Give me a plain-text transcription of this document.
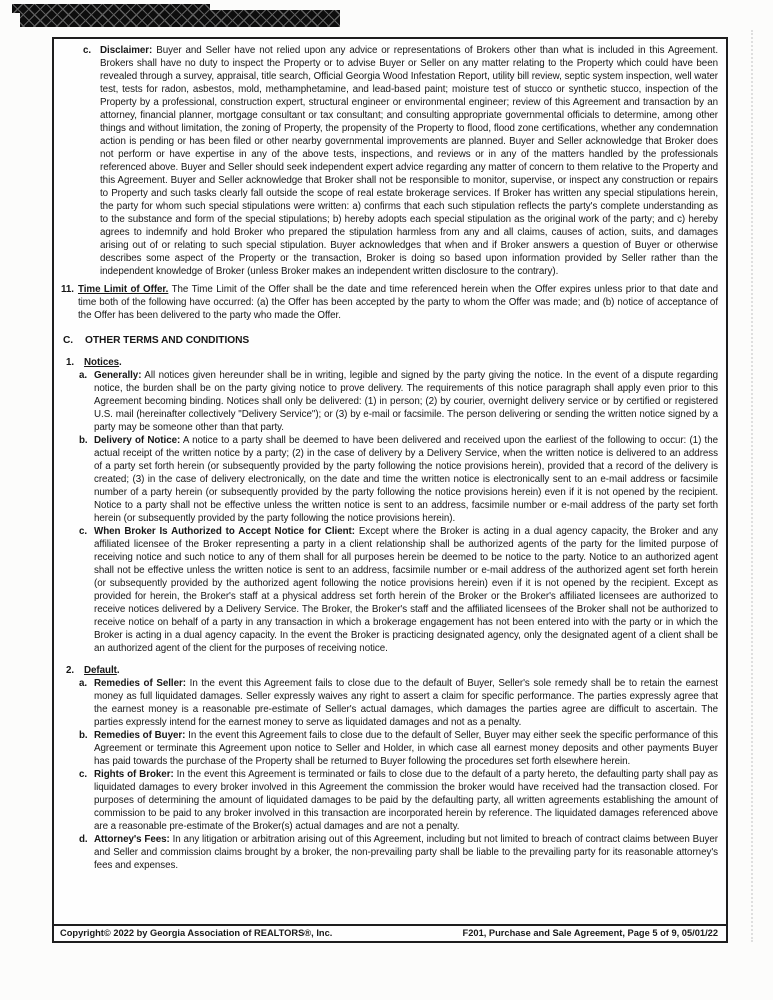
c. Disclaimer: Buyer and Seller have not relied upon any advice or representations of Brokers other than what is included in this Agreement. Brokers shall have no duty to inspect the Property or to advise Buyer or Seller on any matter relating to the Property which could have been revealed through a survey, appraisal, title search, Official Georgia Wood Infestation Report, utility bill review, septic system inspection, well water test, tests for radon, asbestos, mold, methamphetamine, and lead-based paint; moisture test of stucco or synthetic stucco, inspection of the Property by a professional, construction expert, structural engineer or environmental engineer; review of this Agreement and transaction by an attorney, financial planner, mortgage consultant or tax consultant; and consulting appropriate governmental officials to determine, among other things and without limitation, the zoning of Property, the propensity of the Property to flood, flood zone certifications, whether any condemnation action is pending or has been filed or other nearby governmental improvements are planned. Buyer and Seller acknowledge that Broker does not perform or have expertise in any of the above tests, inspections, and reviews or in any of the matters handled by the professionals referenced above. Buyer and Seller should seek independent expert advice regarding any matter of concern to them relative to the Property and this Agreement. Buyer and Seller acknowledge that Broker shall not be responsible to monitor, supervise, or inspect any construction or repairs to Property and such tasks clearly fall outside the scope of real estate brokerage services. If Broker has written any special stipulations herein, the party for whom such special stipulations were written: a) confirms that each such stipulation reflects the party's complete understanding as to the substance and form of the special stipulations; b) hereby adopts each special stipulation as the original work of the party; and c) hereby agrees to indemnify and hold Broker who prepared the stipulation harmless from any and all claims, causes of action, suits, and damages arising out of or relating to such special stipulation. Buyer acknowledges that when and if Broker answers a question of Buyer or otherwise describes some aspect of the Property or the transaction, Broker is doing so based upon information provided by Seller rather than the independent knowledge of Broker (unless Broker makes an independent written disclosure to the contrary).
11. Time Limit of Offer. The Time Limit of the Offer shall be the date and time referenced herein when the Offer expires unless prior to that date and time both of the following have occurred: (a) the Offer has been accepted by the party to whom the Offer was made; and (b) notice of acceptance of the Offer has been delivered to the party who made the Offer.
C. OTHER TERMS AND CONDITIONS
1. Notices.
a. Generally: All notices given hereunder shall be in writing, legible and signed by the party giving the notice. In the event of a dispute regarding notice, the burden shall be on the party giving notice to prove delivery. The requirements of this notice paragraph shall apply even prior to this Agreement becoming binding. Notices shall only be delivered: (1) in person; (2) by courier, overnight delivery service or by certified or registered U.S. mail (hereinafter collectively "Delivery Service"); or (3) by e-mail or facsimile. The person delivering or sending the written notice signed by a party may be someone other than that party.
b. Delivery of Notice: A notice to a party shall be deemed to have been delivered and received upon the earliest of the following to occur: (1) the actual receipt of the written notice by a party; (2) in the case of delivery by a Delivery Service, when the written notice is delivered to an address of a party set forth herein (or subsequently provided by the party following the notice provisions herein), provided that a record of the delivery is created; (3) in the case of delivery electronically, on the date and time the written notice is electronically sent to an e-mail address or facsimile number of a party herein (or subsequently provided by the party following the notice provisions herein) even if it is not opened by the recipient. Notice to a party shall not be effective unless the written notice is sent to an address, facsimile number or e-mail address of the party set forth herein (or subsequently provided by the party following the notice provisions herein).
c. When Broker Is Authorized to Accept Notice for Client: Except where the Broker is acting in a dual agency capacity, the Broker and any affiliated licensee of the Broker representing a party in a client relationship shall be authorized agents of the party for the limited purpose of receiving notice and such notice to any of them shall for all purposes herein be deemed to be notice to the party. Notice to an authorized agent shall not be effective unless the written notice is sent to an address, facsimile number or e-mail address of the authorized agent set forth herein (or subsequently provided by the authorized agent following the notice provisions herein) even if it is not opened by the recipient. Except as provided for herein, the Broker's staff at a physical address set forth herein of the Broker or the Broker's affiliated licensees are authorized to receive notices delivered by a Delivery Service. The Broker, the Broker's staff and the affiliated licensees of the Broker shall not be authorized to receive notice on behalf of a party in any transaction in which a brokerage engagement has not been entered into with the party or in which the Broker is acting in a dual agency capacity. In the event the Broker is practicing designated agency, only the designated agent of a client shall be an authorized agent of the client for the purposes of receiving notice.
2. Default.
a. Remedies of Seller: In the event this Agreement fails to close due to the default of Buyer, Seller's sole remedy shall be to retain the earnest money as full liquidated damages. Seller expressly waives any right to assert a claim for specific performance. The parties expressly agree that the earnest money is a reasonable pre-estimate of Seller's actual damages, which damages the parties agree are difficult to ascertain. The parties expressly intend for the earnest money to serve as liquidated damages and not as a penalty.
b. Remedies of Buyer: In the event this Agreement fails to close due to the default of Seller, Buyer may either seek the specific performance of this Agreement or terminate this Agreement upon notice to Seller and Holder, in which case all earnest money deposits and other payments Buyer has paid towards the purchase of the Property shall be returned to Buyer following the procedures set forth elsewhere herein.
c. Rights of Broker: In the event this Agreement is terminated or fails to close due to the default of a party hereto, the defaulting party shall pay as liquidated damages to every broker involved in this Agreement the commission the broker would have received had the transaction closed. For purposes of determining the amount of liquidated damages to be paid by the defaulting party, all written agreements establishing the amount of commission to be paid to any broker involved in this transaction are incorporated herein by reference. The liquidated damages referenced above are a reasonable pre-estimate of the Broker(s) actual damages and are not a penalty.
d. Attorney's Fees: In any litigation or arbitration arising out of this Agreement, including but not limited to breach of contract claims between Buyer and Seller and commission claims brought by a broker, the non-prevailing party shall be liable to the prevailing party for its reasonable attorney's fees and expenses.
Copyright© 2022 by Georgia Association of REALTORS®, Inc.	F201, Purchase and Sale Agreement, Page 5 of 9, 05/01/22
